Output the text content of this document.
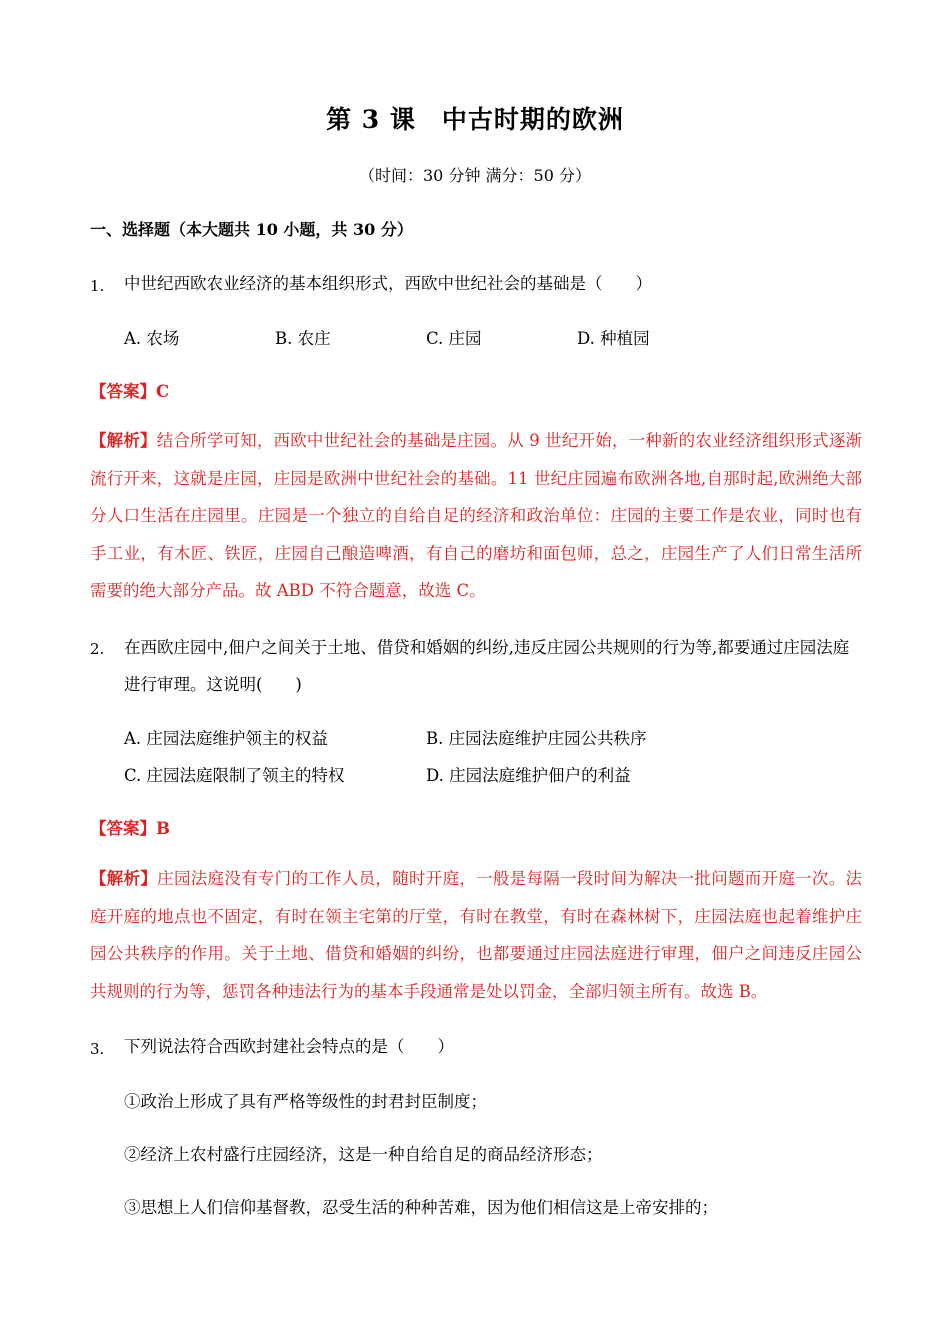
第 3 课　中古时期的欧洲
（时间：30 分钟 满分：50 分）
一、选择题（本大题共 10 小题，共 30 分）
1. 中世纪西欧农业经济的基本组织形式，西欧中世纪社会的基础是（　　）
A. 农场	B. 农庄	C. 庄园	D. 种植园
【答案】C
【解析】结合所学可知，西欧中世纪社会的基础是庄园。从 9 世纪开始，一种新的农业经济组织形式逐渐流行开来，这就是庄园，庄园是欧洲中世纪社会的基础。11 世纪庄园遍布欧洲各地,自那时起,欧洲绝大部分人口生活在庄园里。庄园是一个独立的自给自足的经济和政治单位：庄园的主要工作是农业，同时也有手工业，有木匠、铁匠，庄园自己酿造啤酒，有自己的磨坊和面包师，总之，庄园生产了人们日常生活所需要的绝大部分产品。故 ABD 不符合题意，故选 C。
2. 在西欧庄园中,佃户之间关于土地、借贷和婚姻的纠纷,违反庄园公共规则的行为等,都要通过庄园法庭
进行审理。这说明(　　)
A. 庄园法庭维护领主的权益	B. 庄园法庭维护庄园公共秩序
C. 庄园法庭限制了领主的特权	D. 庄园法庭维护佃户的利益
【答案】B
【解析】庄园法庭没有专门的工作人员，随时开庭，一般是每隔一段时间为解决一批问题而开庭一次。法庭开庭的地点也不固定，有时在领主宅第的厅堂，有时在教堂，有时在森林树下，庄园法庭也起着维护庄园公共秩序的作用。关于土地、借贷和婚姻的纠纷，也都要通过庄园法庭进行审理，佃户之间违反庄园公共规则的行为等，惩罚各种违法行为的基本手段通常是处以罚金，全部归领主所有。故选 B。
3. 下列说法符合西欧封建社会特点的是（　　）
①政治上形成了具有严格等级性的封君封臣制度；
②经济上农村盛行庄园经济，这是一种自给自足的商品经济形态；
③思想上人们信仰基督教，忍受生活的种种苦难，因为他们相信这是上帝安排的；
